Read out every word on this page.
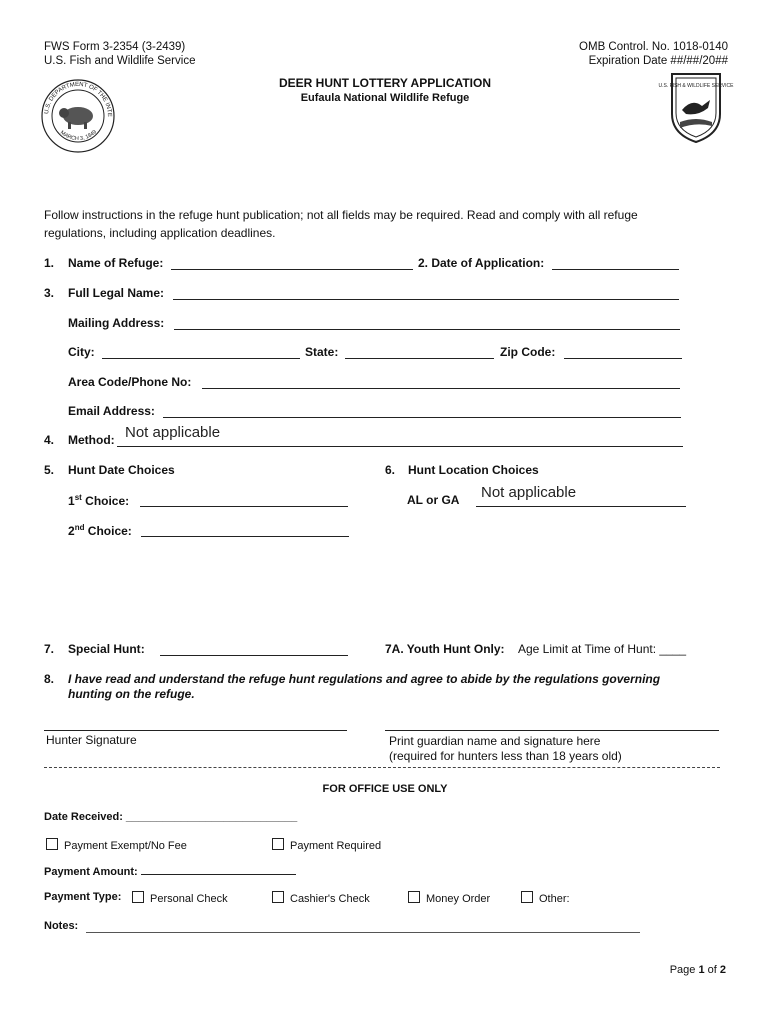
FWS Form 3-2354 (3-2439)
U.S. Fish and Wildlife Service
OMB Control. No. 1018-0140
Expiration Date ##/##/20##
DEER HUNT LOTTERY APPLICATION
Eufaula National Wildlife Refuge
U.S. DEPARTMENT OF THE INTE
MARCH 3, 1849
U.S. FISH & WILDLIFE SERVICE
Follow instructions in the refuge hunt publication; not all fields may be required. Read and comply with all refuge
regulations, including application deadlines.
1. Name of Refuge:	2. Date of Application:
3. Full Legal Name:
Mailing Address:
City:	State:	Zip Code:
Area Code/Phone No:
Email Address:
4. Method: Not applicable
5. Hunt Date Choices	6. Hunt Location Choices
1st Choice:	AL or GA Not applicable
2nd Choice:
7. Special Hunt:	7A. Youth Hunt Only: Age Limit at Time of Hunt: ____
8. I have read and understand the refuge hunt regulations and agree to abide by the regulations governing
hunting on the refuge.
Hunter Signature	Print guardian name and signature here
(required for hunters less than 18 years old)
FOR OFFICE USE ONLY
Date Received: ____________________________
Payment Exempt/No Fee	Payment Required
Payment Amount:
Payment Type:	Personal Check	Cashier's Check	Money Order	Other:
Notes:
Page 1 of 2
